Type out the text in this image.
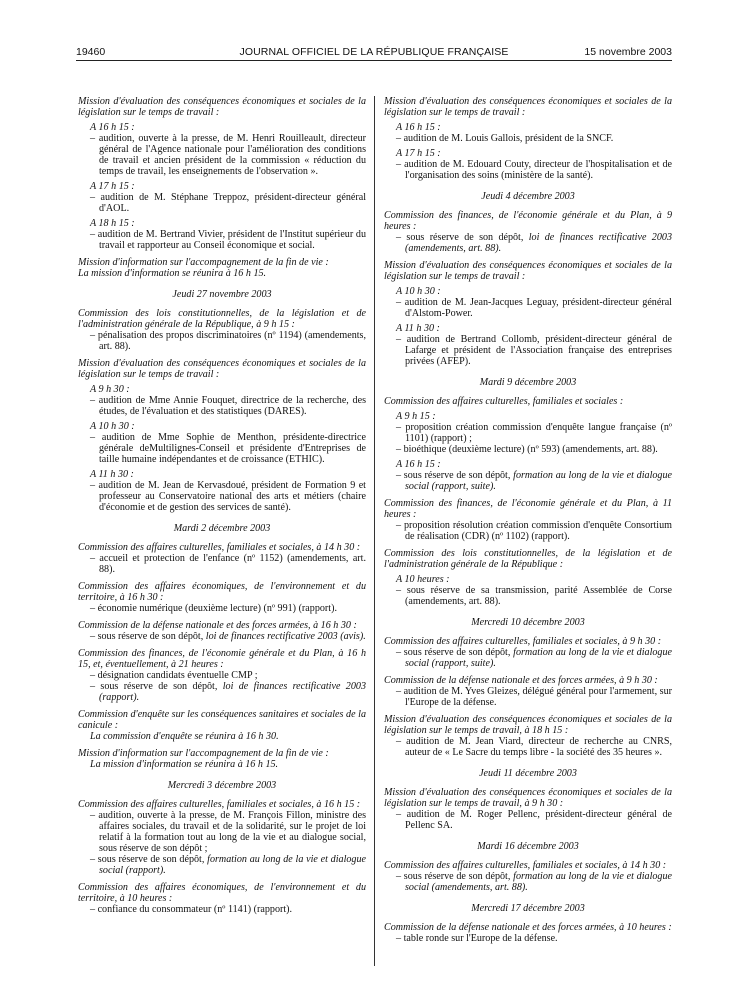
19460	JOURNAL OFFICIEL DE LA RÉPUBLIQUE FRANÇAISE	15 novembre 2003
Mission d'évaluation des conséquences économiques et sociales de la législation sur le temps de travail :
A 16 h 15 :
– audition, ouverte à la presse, de M. Henri Rouilleault, directeur général de l'Agence nationale pour l'amélioration des conditions de travail et ancien président de la commission « réduction du temps de travail, les enseignements de l'observation ».
A 17 h 15 :
– audition de M. Stéphane Treppoz, président-directeur général d'AOL.
A 18 h 15 :
– audition de M. Bertrand Vivier, président de l'Institut supérieur du travail et rapporteur au Conseil économique et social.
Mission d'information sur l'accompagnement de la fin de vie :
La mission d'information se réunira à 16 h 15.
Jeudi 27 novembre 2003
Commission des lois constitutionnelles, de la législation et de l'administration générale de la République, à 9 h 15 :
– pénalisation des propos discriminatoires (nº 1194) (amendements, art. 88).
Mission d'évaluation des conséquences économiques et sociales de la législation sur le temps de travail :
A 9 h 30 :
– audition de Mme Annie Fouquet, directrice de la recherche, des études, de l'évaluation et des statistiques (DARES).
A 10 h 30 :
– audition de Mme Sophie de Menthon, présidente-directrice générale deMultilignes-Conseil et présidente d'Entreprises de taille humaine indépendantes et de croissance (ETHIC).
A 11 h 30 :
– audition de M. Jean de Kervasdoué, président de Formation 9 et professeur au Conservatoire national des arts et métiers (chaire d'économie et de gestion des services de santé).
Mardi 2 décembre 2003
Commission des affaires culturelles, familiales et sociales, à 14 h 30 :
– accueil et protection de l'enfance (nº 1152) (amendements, art. 88).
Commission des affaires économiques, de l'environnement et du territoire, à 16 h 30 :
– économie numérique (deuxième lecture) (nº 991) (rapport).
Commission de la défense nationale et des forces armées, à 16 h 30 :
– sous réserve de son dépôt, loi de finances rectificative 2003 (avis).
Commission des finances, de l'économie générale et du Plan, à 16 h 15, et, éventuellement, à 21 heures :
– désignation candidats éventuelle CMP ;
– sous réserve de son dépôt, loi de finances rectificative 2003 (rapport).
Commission d'enquête sur les conséquences sanitaires et sociales de la canicule :
La commission d'enquête se réunira à 16 h 30.
Mission d'information sur l'accompagnement de la fin de vie :
La mission d'information se réunira à 16 h 15.
Mercredi 3 décembre 2003
Commission des affaires culturelles, familiales et sociales, à 16 h 15 :
– audition, ouverte à la presse, de M. François Fillon, ministre des affaires sociales, du travail et de la solidarité, sur le projet de loi relatif à la formation tout au long de la vie et au dialogue social, sous réserve de son dépôt ;
– sous réserve de son dépôt, formation au long de la vie et dialogue social (rapport).
Commission des affaires économiques, de l'environnement et du territoire, à 10 heures :
– confiance du consommateur (nº 1141) (rapport).
Mission d'évaluation des conséquences économiques et sociales de la législation sur le temps de travail :
A 16 h 15 :
– audition de M. Louis Gallois, président de la SNCF.
A 17 h 15 :
– audition de M. Edouard Couty, directeur de l'hospitalisation et de l'organisation des soins (ministère de la santé).
Jeudi 4 décembre 2003
Commission des finances, de l'économie générale et du Plan, à 9 heures :
– sous réserve de son dépôt, loi de finances rectificative 2003 (amendements, art. 88).
Mission d'évaluation des conséquences économiques et sociales de la législation sur le temps de travail :
A 10 h 30 :
– audition de M. Jean-Jacques Leguay, président-directeur général d'Alstom-Power.
A 11 h 30 :
– audition de Bertrand Collomb, président-directeur général de Lafarge et président de l'Association française des entreprises privées (AFEP).
Mardi 9 décembre 2003
Commission des affaires culturelles, familiales et sociales :
A 9 h 15 :
– proposition création commission d'enquête langue française (nº 1101) (rapport) ;
– bioéthique (deuxième lecture) (nº 593) (amendements, art. 88).
A 16 h 15 :
– sous réserve de son dépôt, formation au long de la vie et dialogue social (rapport, suite).
Commission des finances, de l'économie générale et du Plan, à 11 heures :
– proposition résolution création commission d'enquête Consortium de réalisation (CDR) (nº 1102) (rapport).
Commission des lois constitutionnelles, de la législation et de l'administration générale de la République :
A 10 heures :
– sous réserve de sa transmission, parité Assemblée de Corse (amendements, art. 88).
Mercredi 10 décembre 2003
Commission des affaires culturelles, familiales et sociales, à 9 h 30 :
– sous réserve de son dépôt, formation au long de la vie et dialogue social (rapport, suite).
Commission de la défense nationale et des forces armées, à 9 h 30 :
– audition de M. Yves Gleizes, délégué général pour l'armement, sur l'Europe de la défense.
Mission d'évaluation des conséquences économiques et sociales de la législation sur le temps de travail, à 18 h 15 :
– audition de M. Jean Viard, directeur de recherche au CNRS, auteur de « Le Sacre du temps libre - la société des 35 heures ».
Jeudi 11 décembre 2003
Mission d'évaluation des conséquences économiques et sociales de la législation sur le temps de travail, à 9 h 30 :
– audition de M. Roger Pellenc, président-directeur général de Pellenc SA.
Mardi 16 décembre 2003
Commission des affaires culturelles, familiales et sociales, à 14 h 30 :
– sous réserve de son dépôt, formation au long de la vie et dialogue social (amendements, art. 88).
Mercredi 17 décembre 2003
Commission de la défense nationale et des forces armées, à 10 heures :
– table ronde sur l'Europe de la défense.
